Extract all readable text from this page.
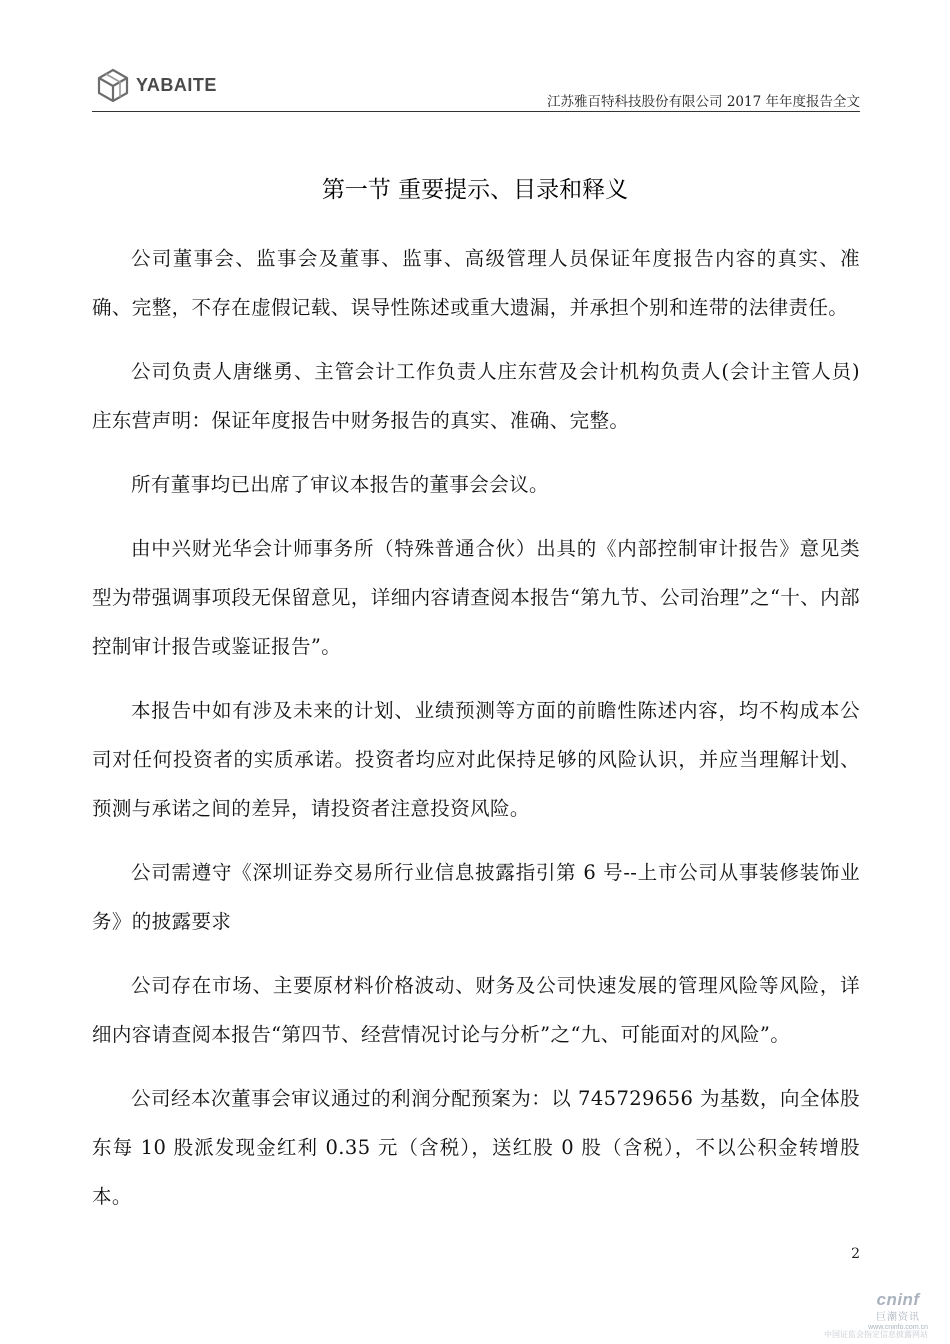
YABAITE
江苏雅百特科技股份有限公司 2017 年年度报告全文
第一节 重要提示、目录和释义

公司董事会、监事会及董事、监事、高级管理人员保证年度报告内容的真实、准确、完整，不存在虚假记载、误导性陈述或重大遗漏，并承担个别和连带的法律责任。

公司负责人唐继勇、主管会计工作负责人庄东营及会计机构负责人(会计主管人员)庄东营声明：保证年度报告中财务报告的真实、准确、完整。

所有董事均已出席了审议本报告的董事会会议。

由中兴财光华会计师事务所（特殊普通合伙）出具的《内部控制审计报告》意见类型为带强调事项段无保留意见，详细内容请查阅本报告“第九节、公司治理”之“十、内部控制审计报告或鉴证报告”。

本报告中如有涉及未来的计划、业绩预测等方面的前瞻性陈述内容，均不构成本公司对任何投资者的实质承诺。投资者均应对此保持足够的风险认识，并应当理解计划、预测与承诺之间的差异，请投资者注意投资风险。

公司需遵守《深圳证券交易所行业信息披露指引第 6 号--上市公司从事装修装饰业务》的披露要求

公司存在市场、主要原材料价格波动、财务及公司快速发展的管理风险等风险，详细内容请查阅本报告“第四节、经营情况讨论与分析”之“九、可能面对的风险”。

公司经本次董事会审议通过的利润分配预案为：以 745729656 为基数，向全体股东每 10 股派发现金红利 0.35 元（含税），送红股 0 股（含税），不以公积金转增股本。

2
cninf
巨潮资讯
www.cninfo.com.cn
中国证监会指定信息披露网站
